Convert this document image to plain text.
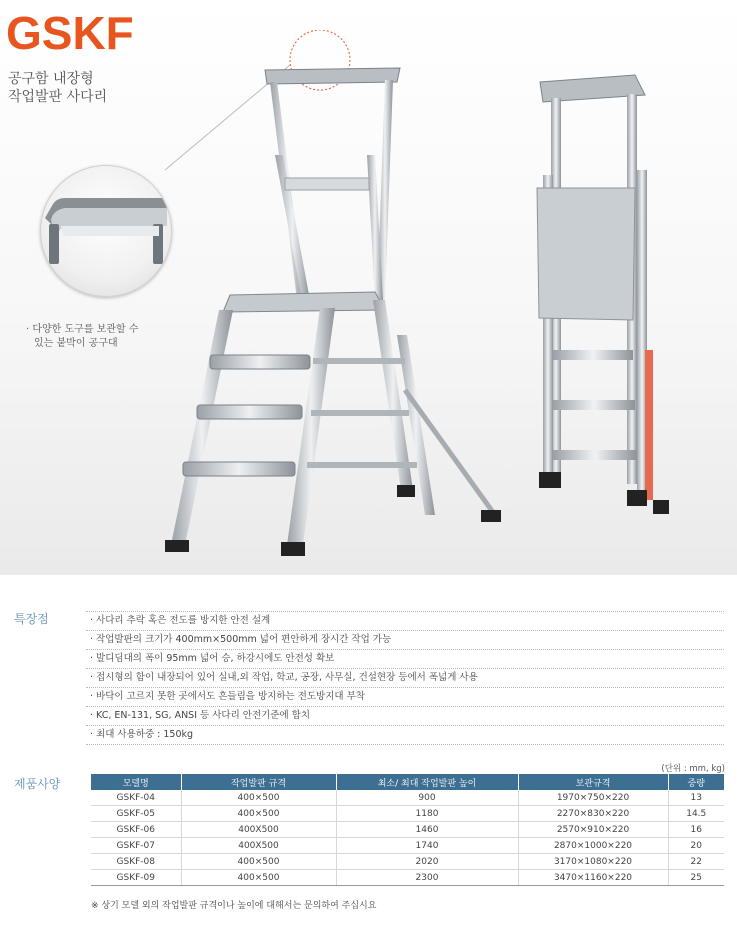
GSKF
공구함 내장형
작업발판 사다리
· 다양한 도구를 보관할 수
있는 붙박이 공구대
특장점	· 사다리 추락 혹은 전도를 방지한 안전 설계
· 작업발판의 크기가 400mm×500mm 넓어 편안하게 장시간 작업 가능
· 발디딤대의 폭이 95mm 넓어 승, 하강시에도 안전성 확보
· 접시형의 함이 내장되어 있어 실내,외 작업, 학교, 공장, 사무실, 건설현장 등에서 폭넓게 사용
· 바닥이 고르지 못한 곳에서도 흔들림을 방지하는 전도방지대 부착
· KC, EN-131, SG, ANSI 등 사다리 안전기준에 합치
· 최대 사용하중 : 150kg
제품사양
(단위 : mm, kg)
모델명	작업발판 규격	최소/ 최대 작업발판 높이	보관규격	중량
GSKF-04	400×500	900	1970×750×220	13
GSKF-05	400×500	1180	2270×830×220	14.5
GSKF-06	400X500	1460	2570×910×220	16
GSKF-07	400X500	1740	2870×1000×220	20
GSKF-08	400×500	2020	3170×1080×220	22
GSKF-09	400×500	2300	3470×1160×220	25
※ 상기 모델 외의 작업발판 규격이나 높이에 대해서는 문의하여 주십시요
